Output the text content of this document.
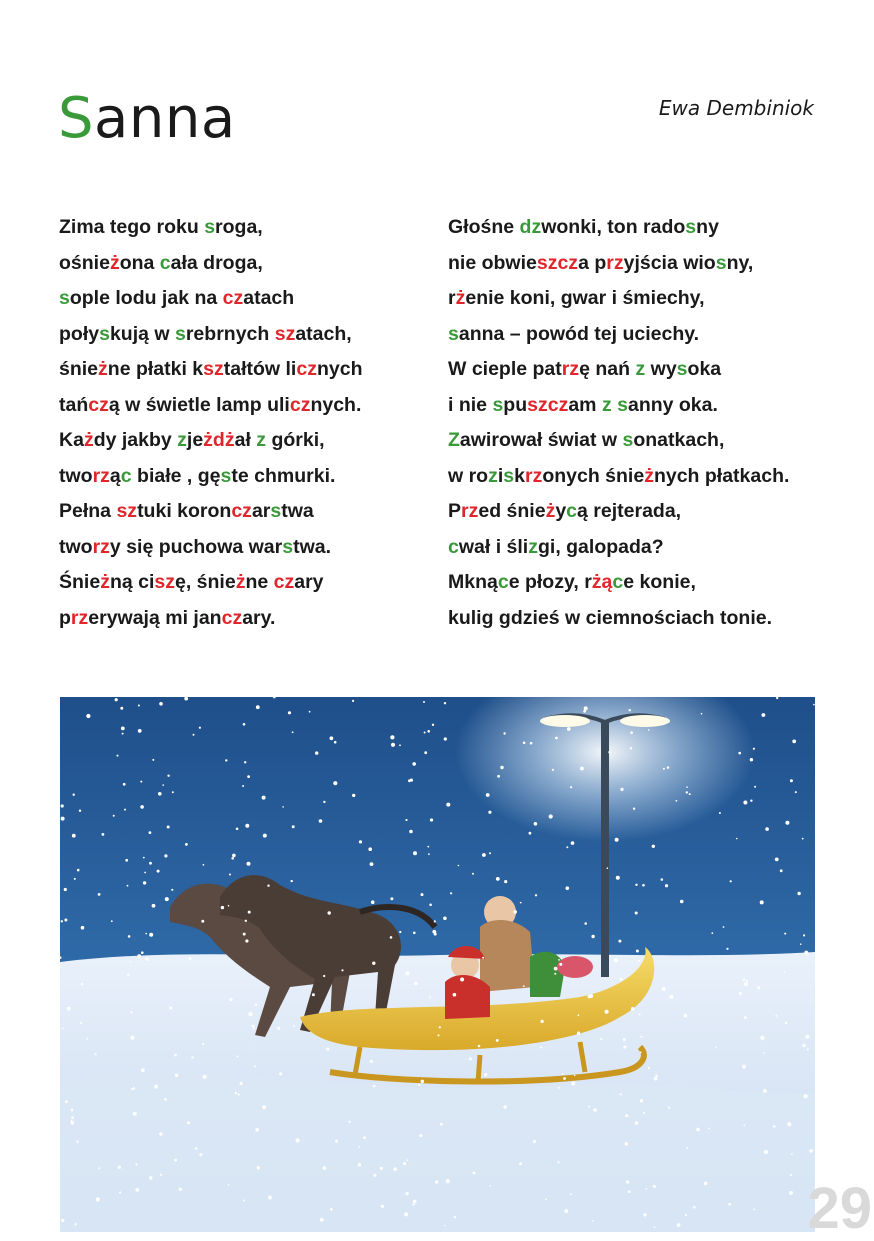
Sanna	Ewa Dembiniok
Zima tego roku sroga,
ośnieżona cała droga,
sople lodu jak na czatach
połyskują w srebrnych szatach,
śnieżne płatki kształtów licznych
tańczą w świetle lamp ulicznych.
Każdy jakby zjeżdżał z górki,
tworząc białe , gęste chmurki.
Pełna sztuki koronczarstwa
tworzy się puchowa warstwa.
Śnieżną ciszę, śnieżne czary
przerywają mi janczary.
Głośne dzwonki, ton radosny
nie obwieszcza przyjścia wiosny,
rżenie koni, gwar i śmiechy,
sanna – powód tej uciechy.
W cieple patrzę nań z wysoka
i nie spuszczam z sanny oka.
Zawirował świat w sonatkach,
w roziskrzonych śnieżnych płatkach.
Przed śnieżycą rejterada,
cwał i ślizgi, galopada?
Mknące płozy, rżące konie,
kulig gdzieś w ciemnościach tonie.
29
